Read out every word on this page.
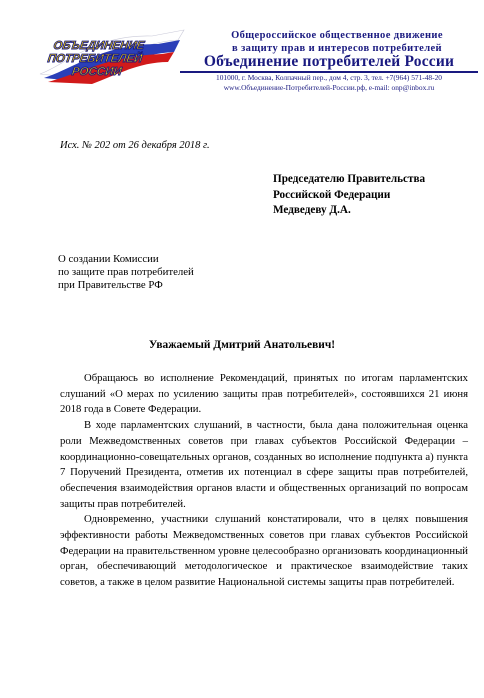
ОБЪЕДИНЕНИЕ
ПОТРЕБИТЕЛЕЙ
РОССИИ
Общероссийское общественное движение
в защиту прав и интересов потребителей
Объединение потребителей России
101000, г. Москва, Колпачный пер., дом 4, стр. 3, тел. +7(964) 571-48-20
www.Объединение-Потребителей-России.рф, e-mail: onp@inbox.ru
Исх. № 202 от 26 декабря 2018 г.
Председателю Правительства
Российской Федерации
Медведеву Д.А.
О создании Комиссии
по защите прав потребителей
при Правительстве РФ
Уважаемый Дмитрий Анатольевич!

Обращаюсь во исполнение Рекомендаций, принятых по итогам парламентских слушаний «О мерах по усилению защиты прав потребителей», состоявшихся 21 июня 2018 года в Совете Федерации.

В ходе парламентских слушаний, в частности, была дана положительная оценка роли Межведомственных советов при главах субъектов Российской Федерации – координационно-совещательных органов, созданных во исполнение подпункта а) пункта 7 Поручений Президента, отметив их потенциал в сфере защиты прав потребителей, обеспечения взаимодействия органов власти и общественных организаций по вопросам защиты прав потребителей.

Одновременно, участники слушаний констатировали, что в целях повышения эффективности работы Межведомственных советов при главах субъектов Российской Федерации на правительственном уровне целесообразно организовать координационный орган, обеспечивающий методологическое и практическое взаимодействие таких советов, а также в целом развитие Национальной системы защиты прав потребителей.
